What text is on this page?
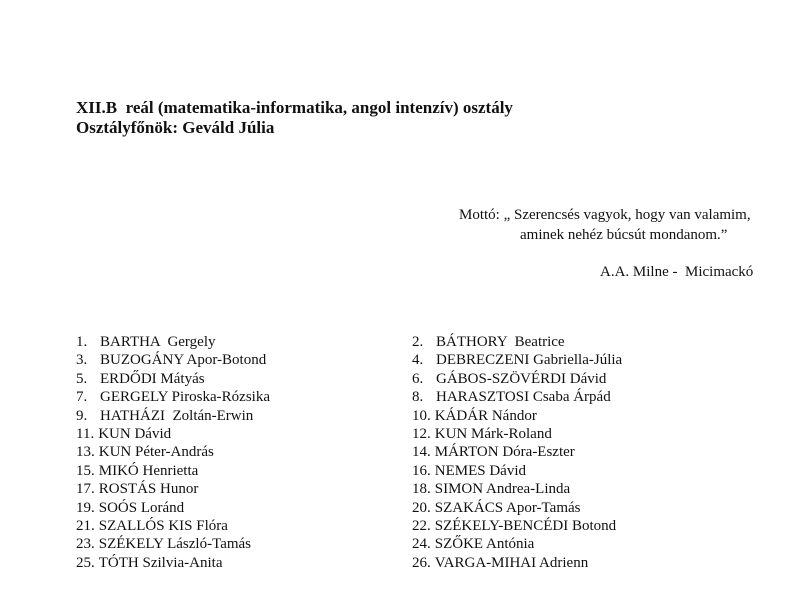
XII.B  reál (matematika-informatika, angol intenzív) osztály
Osztályfőnök: Geváld Júlia
Mottó: „ Szerencsés vagyok, hogy van valamim,
aminek nehéz búcsút mondanom.”
A.A. Milne -  Micimackó
1. BARTHA  Gergely
3. BUZOGÁNY Apor-Botond
5. ERDŐDI Mátyás
7. GERGELY Piroska-Rózsika
9. HATHÁZI  Zoltán-Erwin
11. KUN Dávid
13. KUN Péter-András
15. MIKÓ Henrietta
17. ROSTÁS Hunor
19. SOÓS Loránd
21. SZALLÓS KIS Flóra
23. SZÉKELY László-Tamás
25. TÓTH Szilvia-Anita
2. BÁTHORY  Beatrice
4. DEBRECZENI Gabriella-Júlia
6. GÁBOS-SZÖVÉRDI Dávid
8. HARASZTOSI Csaba Árpád
10. KÁDÁR Nándor
12. KUN Márk-Roland
14. MÁRTON Dóra-Eszter
16. NEMES Dávid
18. SIMON Andrea-Linda
20. SZAKÁCS Apor-Tamás
22. SZÉKELY-BENCÉDI Botond
24. SZŐKE Antónia
26. VARGA-MIHAI Adrienn
